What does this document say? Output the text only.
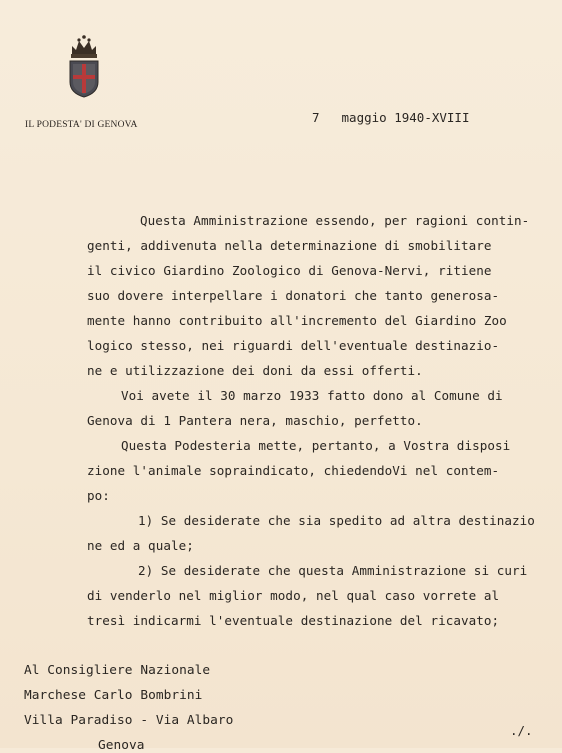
IL PODESTA' DI GENOVA	7 maggio 1940-XVIII
Questa Amministrazione essendo, per ragioni contin-
genti, addivenuta nella determinazione di smobilitare
il civico Giardino Zoologico di Genova-Nervi, ritiene
suo dovere interpellare i donatori che tanto generosa-
mente hanno contribuito all'incremento del Giardino Zoo
logico stesso, nei riguardi dell'eventuale destinazio-
ne e utilizzazione dei doni da essi offerti.
Voi avete il 30 marzo 1933 fatto dono al Comune di
Genova di 1 Pantera nera, maschio, perfetto.
Questa Podesteria mette, pertanto, a Vostra disposi
zione l'animale sopraindicato, chiedendoVi nel contem-
po:
1) Se desiderate che sia spedito ad altra destinazio
ne ed a quale;
2) Se desiderate che questa Amministrazione si curi
di venderlo nel miglior modo, nel qual caso vorrete al
tresì indicarmi l'eventuale destinazione del ricavato;
Al Consigliere Nazionale
Marchese Carlo Bombrini
Villa Paradiso - Via Albaro
Genova
./.
